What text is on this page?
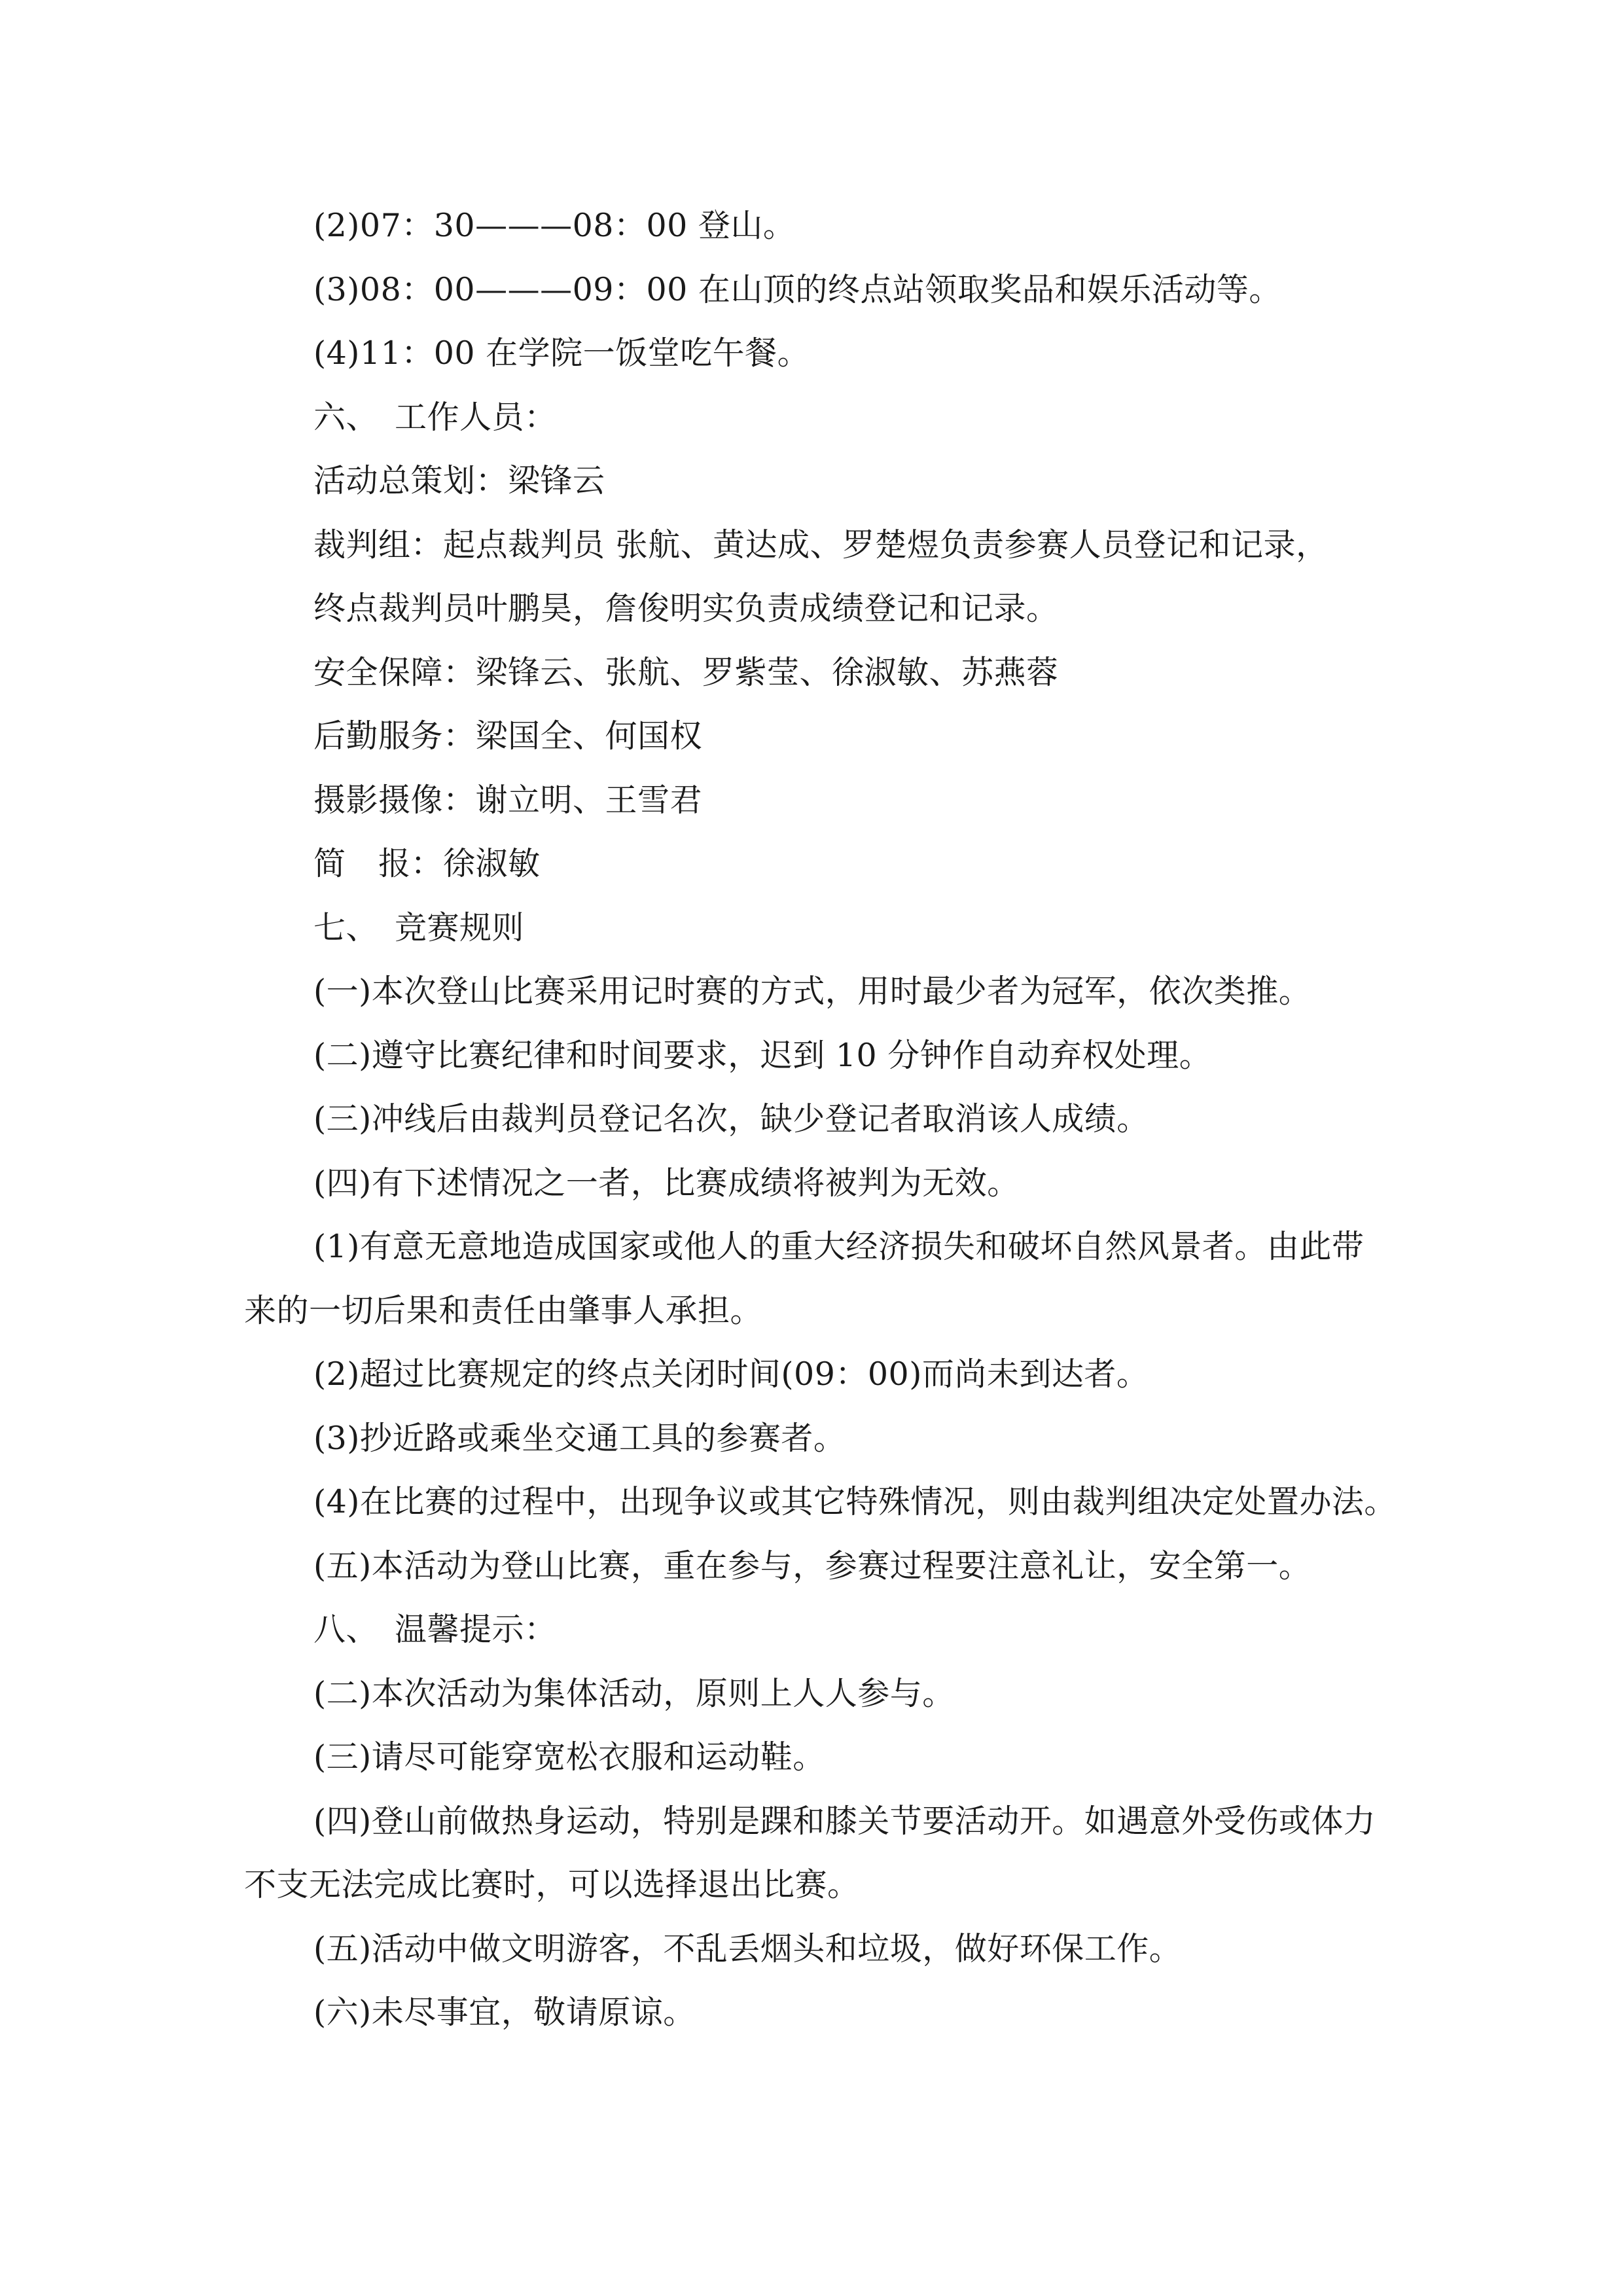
(2)07：30———08：00 登山。
(3)08：00———09：00 在山顶的终点站领取奖品和娱乐活动等。
(4)11：00 在学院一饭堂吃午餐。
六、　工作人员：
活动总策划：梁锋云
裁判组：起点裁判员 张航、黄达成、罗楚煜负责参赛人员登记和记录，
终点裁判员叶鹏昊，詹俊明实负责成绩登记和记录。
安全保障：梁锋云、张航、罗紫莹、徐淑敏、苏燕蓉
后勤服务：梁国全、何国权
摄影摄像：谢立明、王雪君
简　报：徐淑敏
七、　竞赛规则
(一)本次登山比赛采用记时赛的方式，用时最少者为冠军，依次类推。
(二)遵守比赛纪律和时间要求，迟到 10 分钟作自动弃权处理。
(三)冲线后由裁判员登记名次，缺少登记者取消该人成绩。
(四)有下述情况之一者，比赛成绩将被判为无效。
(1)有意无意地造成国家或他人的重大经济损失和破坏自然风景者。由此带
来的一切后果和责任由肇事人承担。
(2)超过比赛规定的终点关闭时间(09：00)而尚未到达者。
(3)抄近路或乘坐交通工具的参赛者。
(4)在比赛的过程中，出现争议或其它特殊情况，则由裁判组决定处置办法。
(五)本活动为登山比赛，重在参与，参赛过程要注意礼让，安全第一。
八、　温馨提示：
(二)本次活动为集体活动，原则上人人参与。
(三)请尽可能穿宽松衣服和运动鞋。
(四)登山前做热身运动，特别是踝和膝关节要活动开。如遇意外受伤或体力
不支无法完成比赛时，可以选择退出比赛。
(五)活动中做文明游客，不乱丢烟头和垃圾，做好环保工作。
(六)未尽事宜，敬请原谅。
